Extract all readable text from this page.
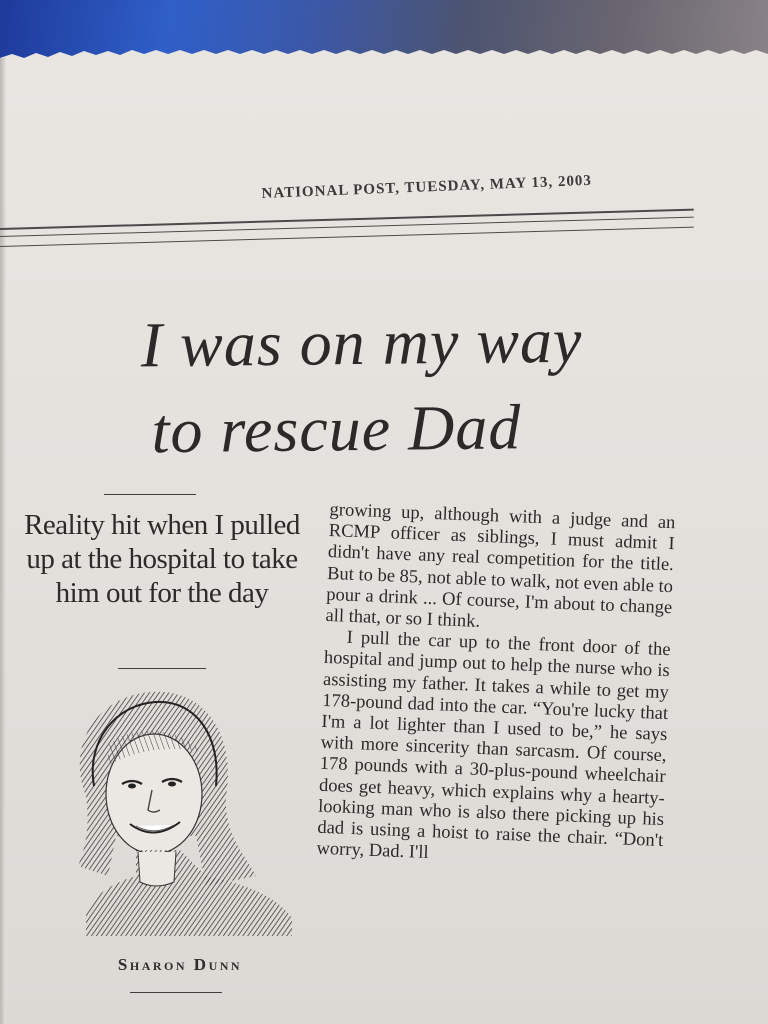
NATIONAL POST, TUESDAY, MAY 13, 2003
I was on my way
to rescue Dad
Reality hit when I pulled up at the hospital to take him out for the day
Sharon Dunn

growing up, although with a judge and an RCMP officer as siblings, I must admit I didn't have any real competition for the title. But to be 85, not able to walk, not even able to pour a drink ... Of course, I'm about to change all that, or so I think.

I pull the car up to the front door of the hospital and jump out to help the nurse who is assisting my father. It takes a while to get my 178-pound dad into the car. “You're lucky that I'm a lot lighter than I used to be,” he says with more sincerity than sarcasm. Of course, 178 pounds with a 30-plus-pound wheelchair does get heavy, which explains why a hearty-looking man who is also there picking up his dad is using a hoist to raise the chair. “Don't worry, Dad. I'll
